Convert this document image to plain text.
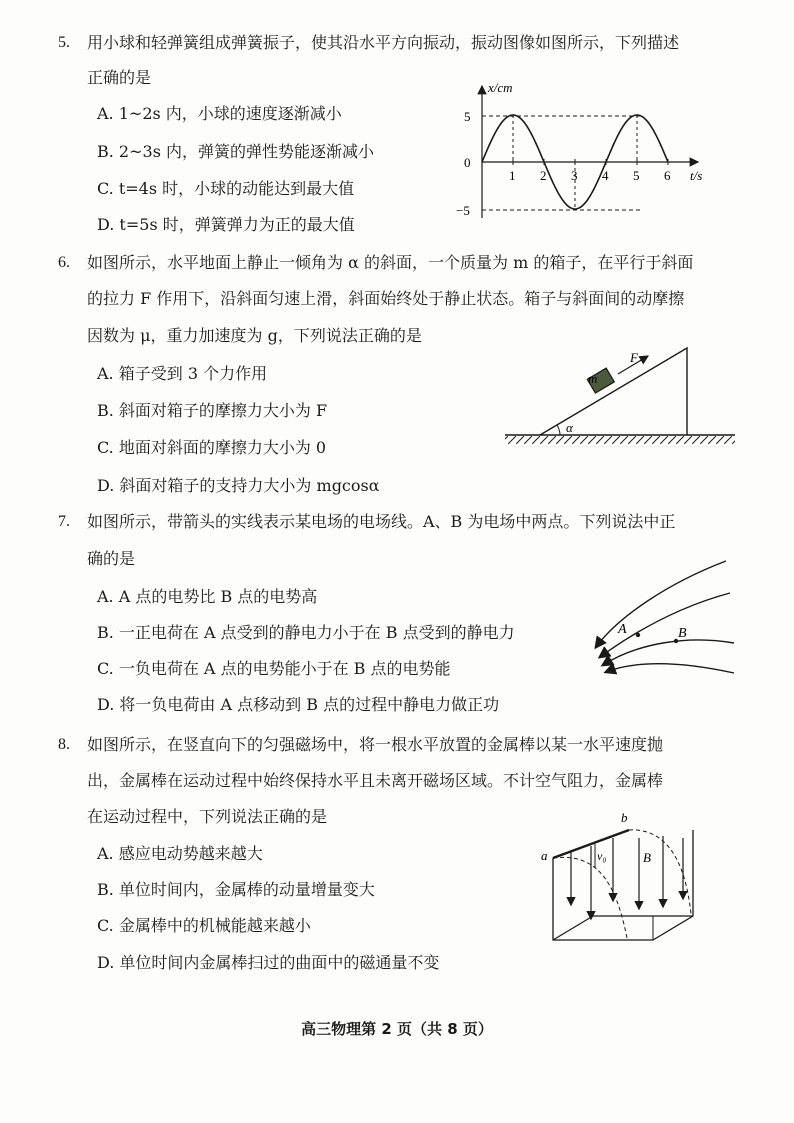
5. 用小球和轻弹簧组成弹簧振子，使其沿水平方向振动，振动图像如图所示，下列描述
正确的是
A. 1~2s 内，小球的速度逐渐减小
B. 2~3s 内，弹簧的弹性势能逐渐减小
C. t=4s 时，小球的动能达到最大值
D. t=5s 时，弹簧弹力为正的最大值
1 2 3 4 5 6
x/cm
t/s
5
0
−5
6. 如图所示，水平地面上静止一倾角为 α 的斜面，一个质量为 m 的箱子，在平行于斜面
的拉力 F 作用下，沿斜面匀速上滑，斜面始终处于静止状态。箱子与斜面间的动摩擦
因数为 μ，重力加速度为 g，下列说法正确的是
A. 箱子受到 3 个力作用
B. 斜面对箱子的摩擦力大小为 F
C. 地面对斜面的摩擦力大小为 0
D. 斜面对箱子的支持力大小为 mgcosα
m
F
α
7. 如图所示，带箭头的实线表示某电场的电场线。A、B 为电场中两点。下列说法中正
确的是
A. A 点的电势比 B 点的电势高
B. 一正电荷在 A 点受到的静电力小于在 B 点受到的静电力
C. 一负电荷在 A 点的电势能小于在 B 点的电势能
D. 将一负电荷由 A 点移动到 B 点的过程中静电力做正功
A	B
8. 如图所示，在竖直向下的匀强磁场中，将一根水平放置的金属棒以某一水平速度抛
出，金属棒在运动过程中始终保持水平且未离开磁场区域。不计空气阻力，金属棒
在运动过程中，下列说法正确的是
A. 感应电动势越来越大
B. 单位时间内，金属棒的动量增量变大
C. 金属棒中的机械能越来越小
D. 单位时间内金属棒扫过的曲面中的磁通量不变
a
b
v₀	B
高三物理第 2 页（共 8 页）
